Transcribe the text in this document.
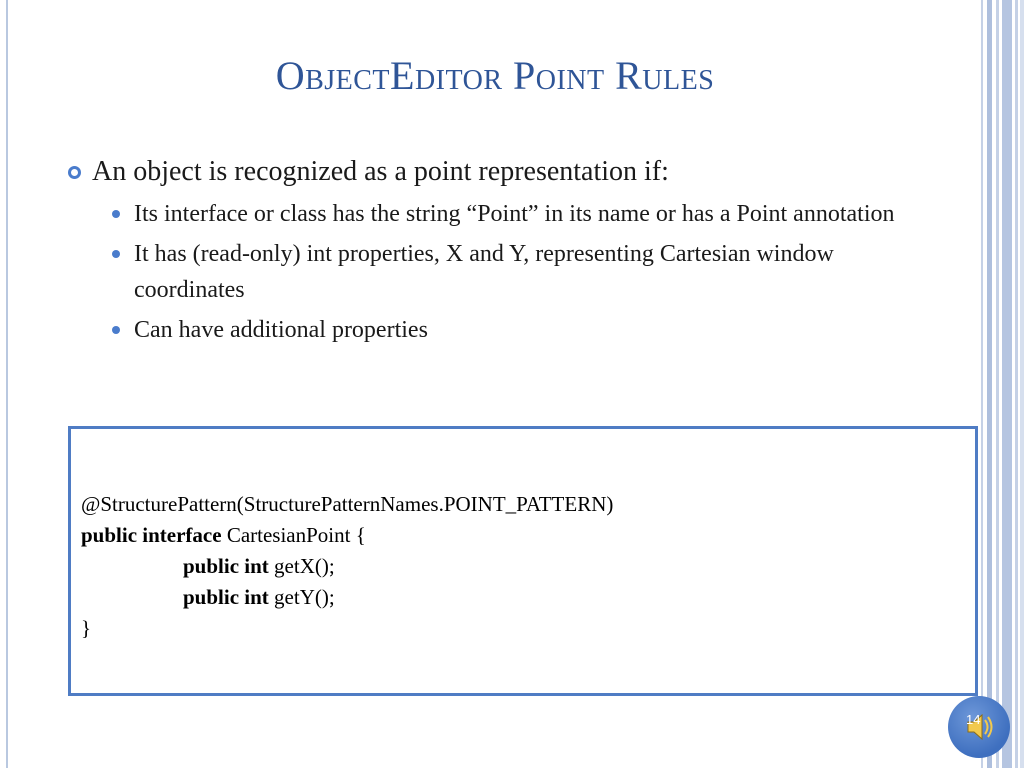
ObjectEditor Point Rules
An object is recognized as a point representation if:
Its interface or class has the string “Point” in its name or has a Point annotation
It has (read-only) int properties, X and Y, representing Cartesian window coordinates
Can have additional properties
@StructurePattern(StructurePatternNames.POINT_PATTERN)
public interface CartesianPoint {
public int getX();
public int getY();
}
14
